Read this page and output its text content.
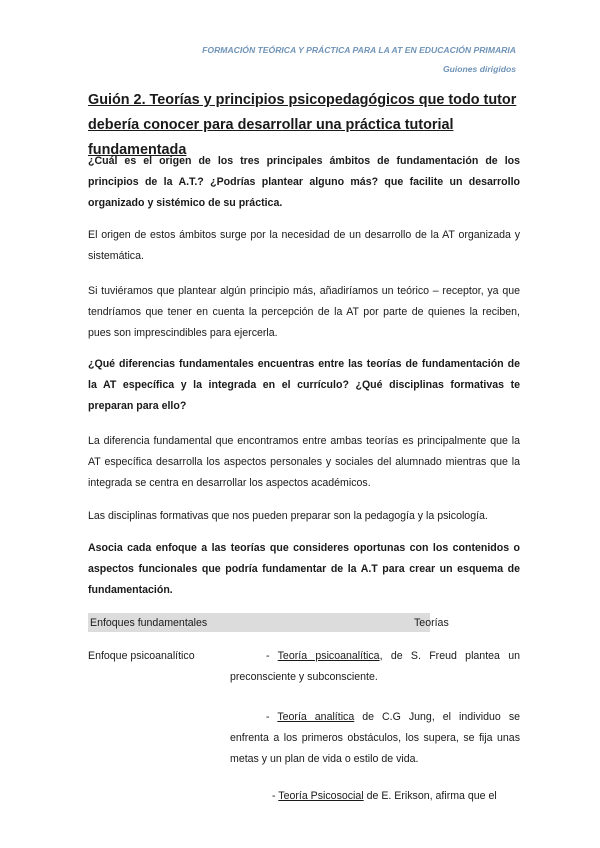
FORMACIÓN TEÓRICA Y PRÁCTICA PARA LA AT EN EDUCACIÓN PRIMARIA
Guiones dirigidos
Guión 2. Teorías y principios psicopedagógicos que todo tutor debería conocer para desarrollar una práctica tutorial fundamentada
¿Cuál es el origen de los tres principales ámbitos de fundamentación de los principios de la A.T.? ¿Podrías plantear alguno más? que facilite un desarrollo organizado y sistémico de su práctica.
El origen de estos ámbitos surge por la necesidad de un desarrollo de la AT organizada y sistemática.
Si tuviéramos que plantear algún principio más, añadiríamos un teórico – receptor, ya que tendríamos que tener en cuenta la percepción de la AT por parte de quienes la reciben, pues son imprescindibles para ejercerla.
¿Qué diferencias fundamentales encuentras entre las teorías de fundamentación de la AT específica y la integrada en el currículo? ¿Qué disciplinas formativas te preparan para ello?
La diferencia fundamental que encontramos entre ambas teorías es principalmente que la AT específica desarrolla los aspectos personales y sociales del alumnado mientras que la integrada se centra en desarrollar los aspectos académicos.
Las disciplinas formativas que nos pueden preparar son la pedagogía y la psicología.
Asocia cada enfoque a las teorías que consideres oportunas con los contenidos o aspectos funcionales que podría fundamentar de la A.T para crear un esquema de fundamentación.
Enfoques fundamentales	Teorías
Enfoque psicoanalítico	- Teoría psicoanalítica, de S. Freud plantea un preconsciente y subconsciente.
- Teoría analítica de C.G Jung, el individuo se enfrenta a los primeros obstáculos, los supera, se fija unas metas y un plan de vida o estilo de vida.
- Teoría Psicosocial de E. Erikson, afirma que el
